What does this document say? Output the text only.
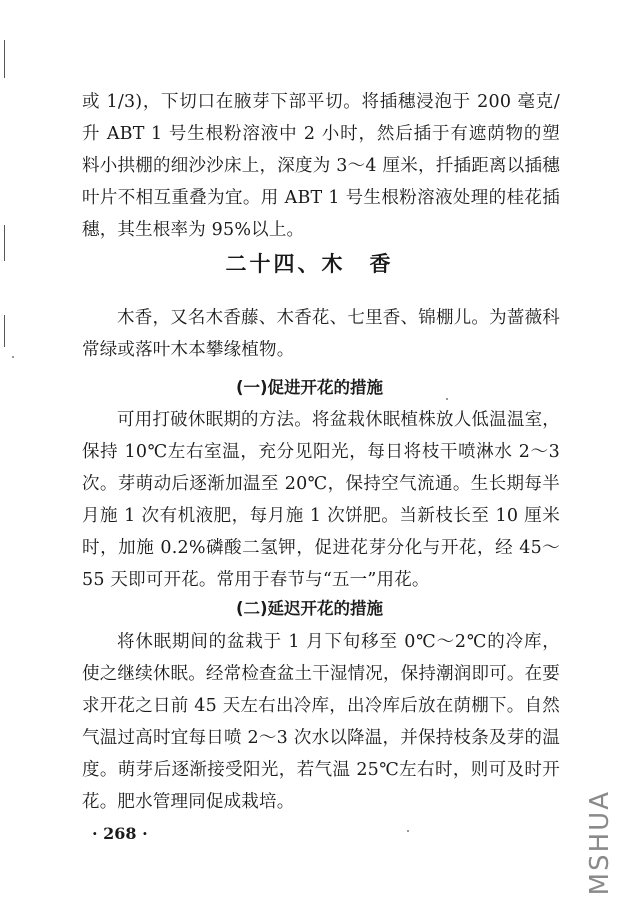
或 1/3)，下切口在腋芽下部平切。将插穗浸泡于 200 毫克/升 ABT 1 号生根粉溶液中 2 小时，然后插于有遮荫物的塑料小拱棚的细沙沙床上，深度为 3～4 厘米，扦插距离以插穗叶片不相互重叠为宜。用 ABT 1 号生根粉溶液处理的桂花插穗，其生根率为 95%以上。

二十四、木　香

木香，又名木香藤、木香花、七里香、锦棚儿。为蔷薇科常绿或落叶木本攀缘植物。

(一)促进开花的措施

可用打破休眠期的方法。将盆栽休眠植株放人低温温室，保持 10℃左右室温，充分见阳光，每日将枝干喷淋水 2～3 次。芽萌动后逐渐加温至 20℃，保持空气流通。生长期每半月施 1 次有机液肥，每月施 1 次饼肥。当新枝长至 10 厘米时，加施 0.2%磷酸二氢钾，促进花芽分化与开花，经 45～55 天即可开花。常用于春节与“五一”用花。

(二)延迟开花的措施

将休眠期间的盆栽于 1 月下旬移至 0℃～2℃的冷库，使之继续休眠。经常检查盆土干湿情况，保持潮润即可。在要求开花之日前 45 天左右出冷库，出冷库后放在荫棚下。自然气温过高时宜每日喷 2～3 次水以降温，并保持枝条及芽的温度。萌芽后逐渐接受阳光，若气温 25℃左右时，则可及时开花。肥水管理同促成栽培。

· 268 ·	MSHUA
